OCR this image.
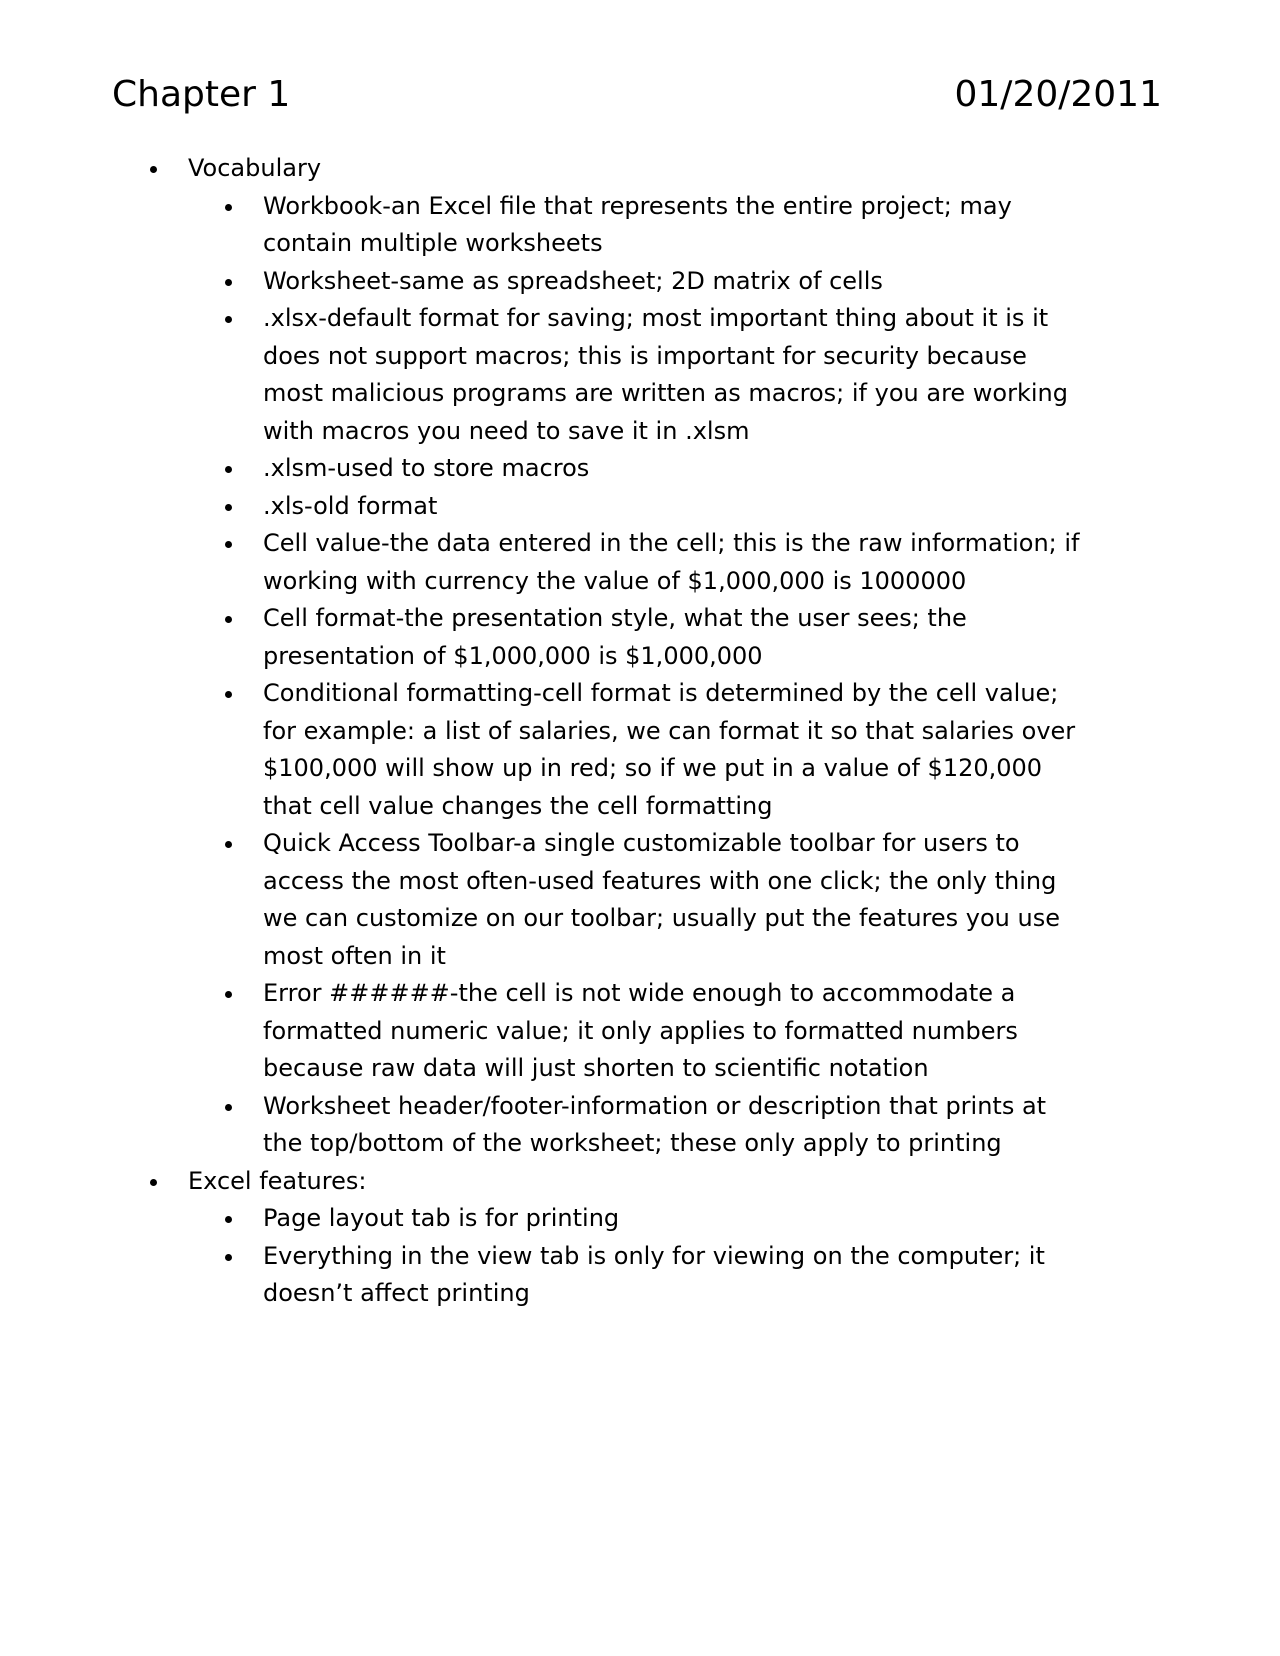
Chapter 1	01/20/2011
Vocabulary
Workbook-an Excel file that represents the entire project; may contain multiple worksheets
Worksheet-same as spreadsheet; 2D matrix of cells
.xlsx-default format for saving; most important thing about it is it does not support macros; this is important for security because most malicious programs are written as macros; if you are working with macros you need to save it in .xlsm
.xlsm-used to store macros
.xls-old format
Cell value-the data entered in the cell; this is the raw information; if working with currency the value of $1,000,000 is 1000000
Cell format-the presentation style, what the user sees; the presentation of $1,000,000 is $1,000,000
Conditional formatting-cell format is determined by the cell value; for example: a list of salaries, we can format it so that salaries over $100,000 will show up in red; so if we put in a value of $120,000 that cell value changes the cell formatting
Quick Access Toolbar-a single customizable toolbar for users to access the most often-used features with one click; the only thing we can customize on our toolbar; usually put the features you use most often in it
Error ######-the cell is not wide enough to accommodate a formatted numeric value; it only applies to formatted numbers because raw data will just shorten to scientific notation
Worksheet header/footer-information or description that prints at the top/bottom of the worksheet; these only apply to printing
Excel features:
Page layout tab is for printing
Everything in the view tab is only for viewing on the computer; it doesn’t affect printing
